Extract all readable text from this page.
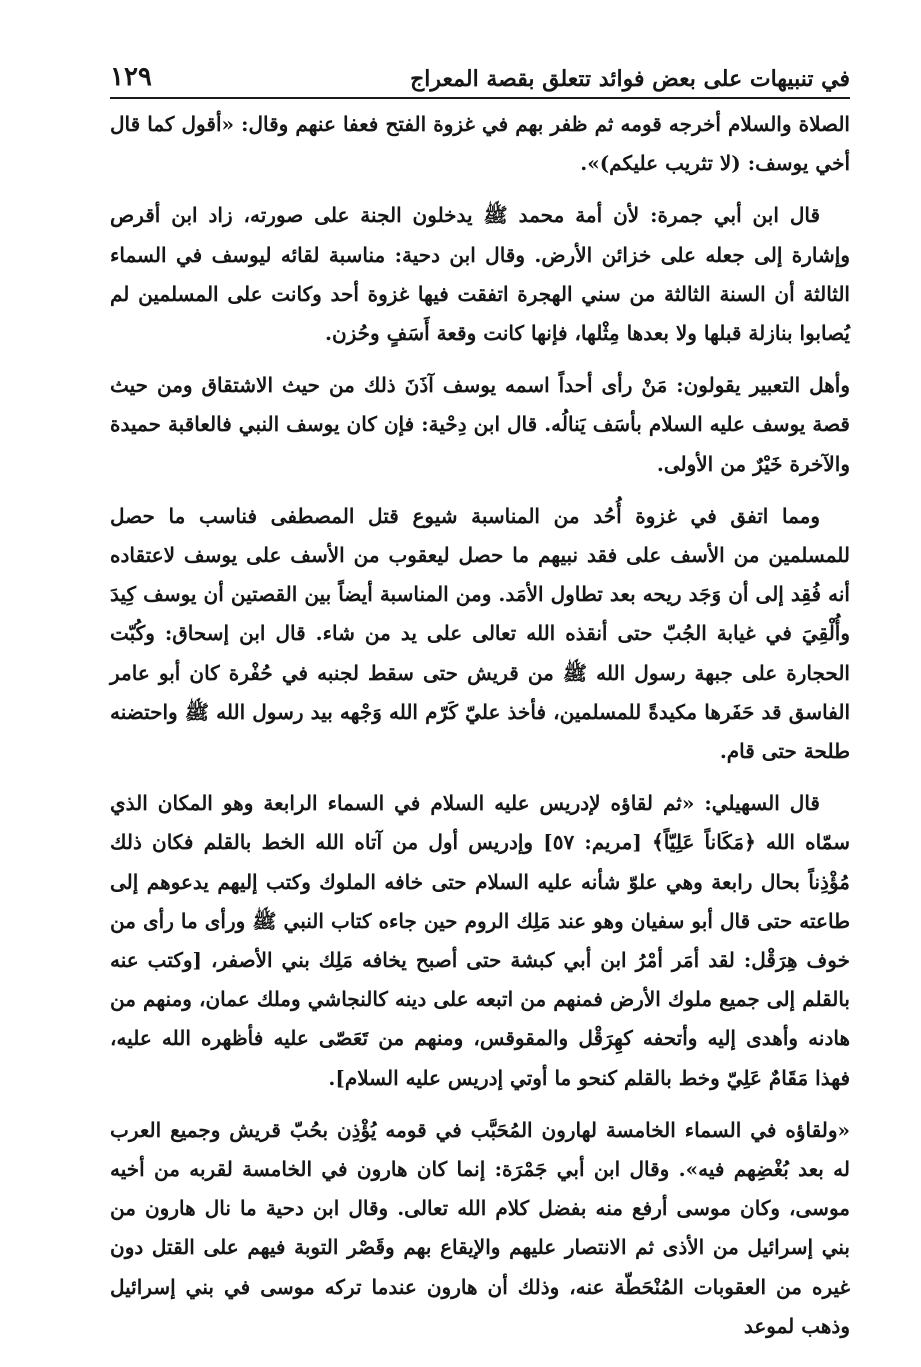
في تنبيهات على بعض فوائد تتعلق بقصة المعراج
١٢٩

الصلاة والسلام أخرجه قومه ثم ظفر بهم في غزوة الفتح فعفا عنهم وقال: «أقول كما قال أخي يوسف: (لا تثريب عليكم)».

قال ابن أبي جمرة: لأن أمة محمد ﷺ يدخلون الجنة على صورته، زاد ابن أقرص وإشارة إلى جعله على خزائن الأرض. وقال ابن دحية: مناسبة لقائه ليوسف في السماء الثالثة أن السنة الثالثة من سني الهجرة اتفقت فيها غزوة أحد وكانت على المسلمين لم يُصابوا بنازلة قبلها ولا بعدها مِثْلها، فإنها كانت وقعة أَسَفٍ وحُزن.

وأهل التعبير يقولون: مَنْ رأى أحداً اسمه يوسف آذَنَ ذلك من حيث الاشتقاق ومن حيث قصة يوسف عليه السلام بأسَف يَنالُه. قال ابن دِحْية: فإن كان يوسف النبي فالعاقبة حميدة والآخرة خَيْرٌ من الأولى.

ومما اتفق في غزوة أُحُد من المناسبة شيوع قتل المصطفى فناسب ما حصل للمسلمين من الأسف على فقد نبيهم ما حصل ليعقوب من الأسف على يوسف لاعتقاده أنه فُقِد إلى أن وَجَد ريحه بعد تطاول الأمَد. ومن المناسبة أيضاً بين القصتين أن يوسف كِيدَ وأُلْقِيَ في غيابة الجُبّ حتى أنقذه الله تعالى على يد من شاء. قال ابن إسحاق: وكُبّت الحجارة على جبهة رسول الله ﷺ من قريش حتى سقط لجنبه في حُفْرة كان أبو عامر الفاسق قد حَفَرها مكيدةً للمسلمين، فأخذ عليّ كَرّم الله وَجْهه بيد رسول الله ﷺ واحتضنه طلحة حتى قام.

قال السهيلي: «ثم لقاؤه لإدريس عليه السلام في السماء الرابعة وهو المكان الذي سمّاه الله ﴿مَكَاناً عَلِيّاً﴾ [مريم: ٥٧] وإدريس أول من آتاه الله الخط بالقلم فكان ذلك مُؤْذِناً بحال رابعة وهي علوّ شأنه عليه السلام حتى خافه الملوك وكتب إليهم يدعوهم إلى طاعته حتى قال أبو سفيان وهو عند مَلِك الروم حين جاءه كتاب النبي ﷺ ورأى ما رأى من خوف هِرَقْل: لقد أمَر أمْرُ ابن أبي كبشة حتى أصبح يخافه مَلِك بني الأصفر، [وكتب عنه بالقلم إلى جميع ملوك الأرض فمنهم من اتبعه على دينه كالنجاشي وملك عمان، ومنهم من هادنه وأهدى إليه وأتحفه كهِرَقْل والمقوقس، ومنهم من تَعَصّى عليه فأظهره الله عليه، فهذا مَقَامٌ عَلِيّ وخط بالقلم كنحو ما أوتي إدريس عليه السلام].

«ولقاؤه في السماء الخامسة لهارون المُحَبَّب في قومه يُؤْذِن بحُبّ قريش وجميع العرب له بعد بُغْضِهم فيه». وقال ابن أبي جَمْرَة: إنما كان هارون في الخامسة لقربه من أخيه موسى، وكان موسى أرفع منه بفضل كلام الله تعالى. وقال ابن دحية ما نال هارون من بني إسرائيل من الأذى ثم الانتصار عليهم والإيقاع بهم وقَصْر التوبة فيهم على القتل دون غيره من العقوبات المُنْحَطّة عنه، وذلك أن هارون عندما تركه موسى في بني إسرائيل وذهب لموعد
